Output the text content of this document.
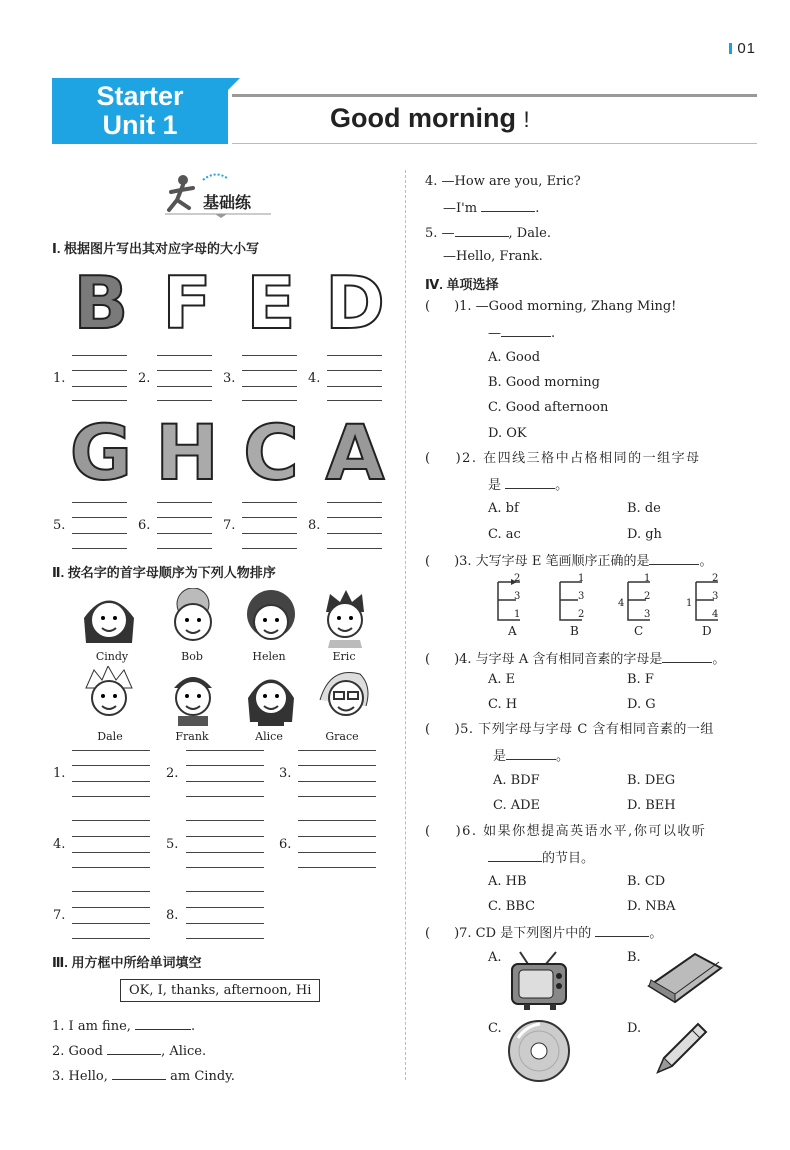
01
Starter
Unit 1	Good morning !
基础练
Ⅰ. 根据图片写出其对应字母的大小写
B F E D
1.	2.	3.	4.
G H C A
5.	6.	7.	8.
Ⅱ. 按名字的首字母顺序为下列人物排序
Cindy	Bob	Helen	Eric
Dale	Frank	Alice	Grace
1.	2.	3.
4.	5.	6.
7.	8.
Ⅲ. 用方框中所给单词填空
OK, I, thanks, afternoon, Hi
1. I am fine,	.
2. Good	, Alice.
3. Hello,	am Cindy.
4. —How are you, Eric?
—I'm	.
5. —	, Dale.
—Hello, Frank.
Ⅳ. 单项选择
( )1. —Good morning, Zhang Ming!
—	.
A. Good
B. Good morning
C. Good afternoon
D. OK
( )2. 在四线三格中占格相同的一组字母
是	。
A. bf	B. de
C. ac	D. gh
( )3. 大写字母 E 笔画顺序正确的是	。
2
3
1
1
3
2
1
2
3
4
2
3
1
4
A	B	C	D
( )4. 与字母 A 含有相同音素的字母是	。
A. E	B. F
C. H	D. G
( )5. 下列字母与字母 C 含有相同音素的一组
是	。
A. BDF	B. DEG
C. ADE	D. BEH
( )6. 如果你想提高英语水平,你可以收听
的节目。
A. HB	B. CD
C. BBC	D. NBA
( )7. CD 是下列图片中的	。
A.	B.
C.	D.
